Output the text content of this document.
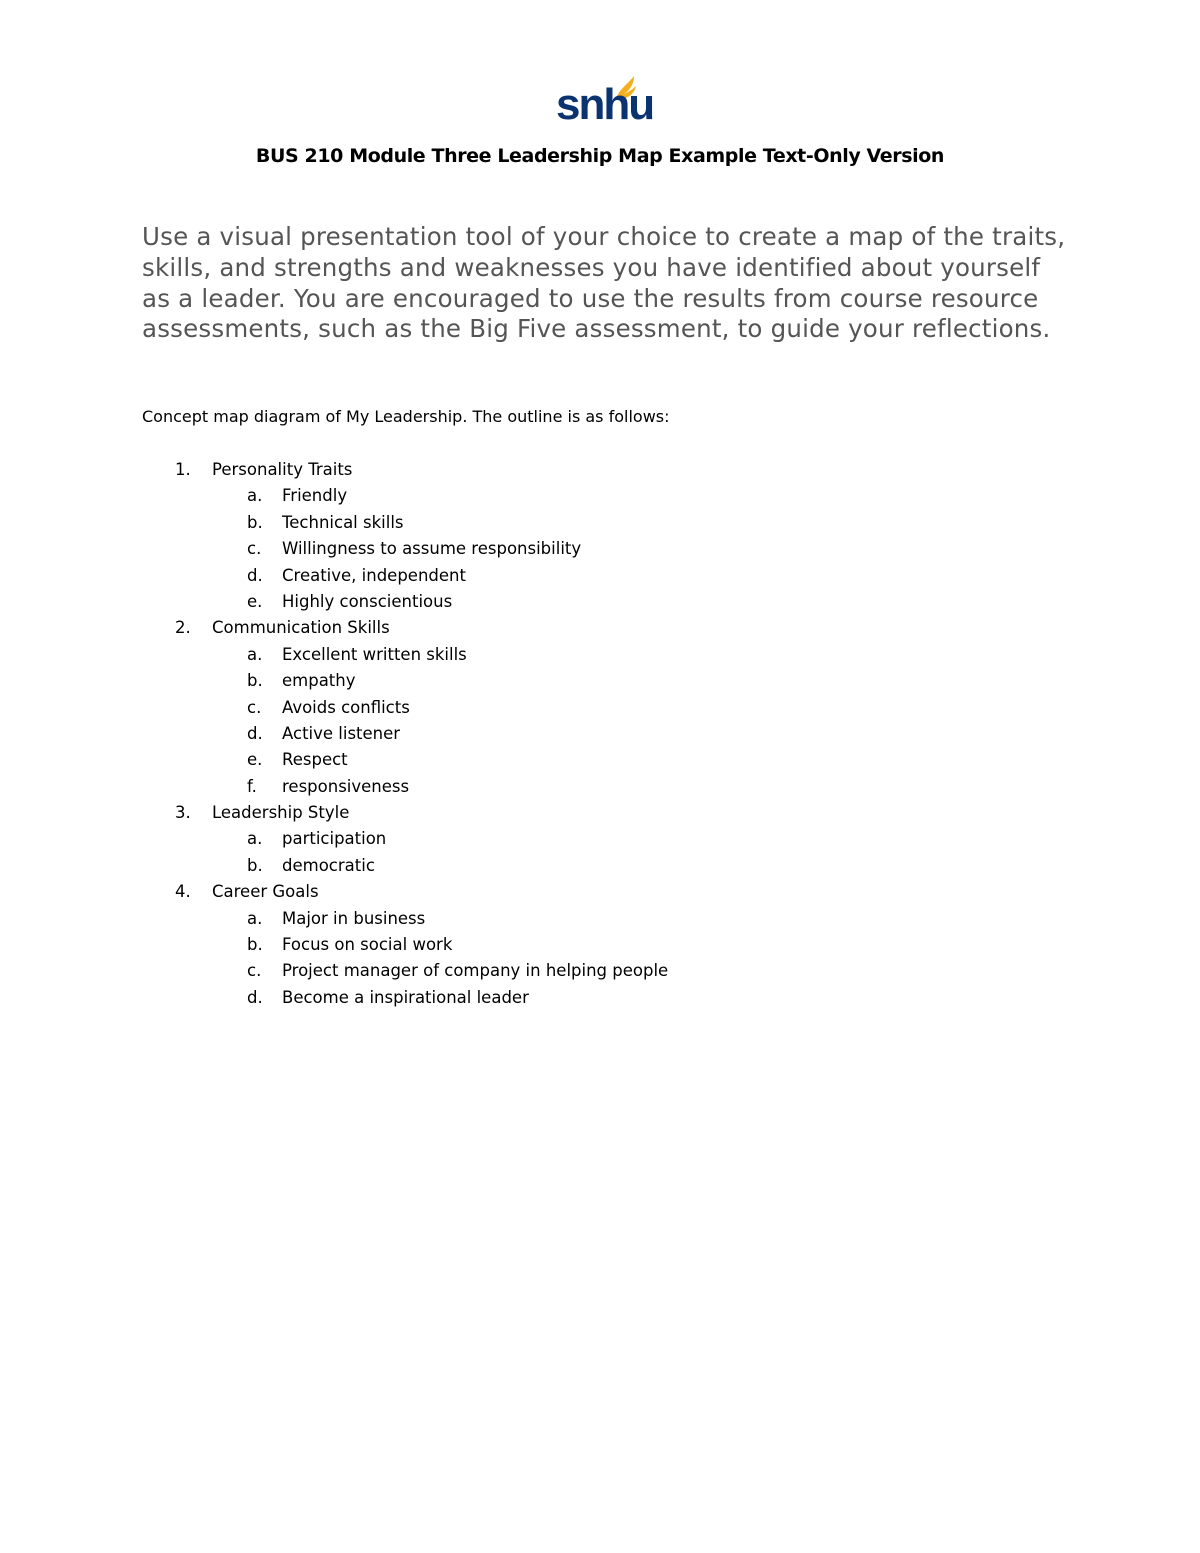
snhu
BUS 210 Module Three Leadership Map Example Text-Only Version
Use a visual presentation tool of your choice to create a map of the traits, skills, and strengths and weaknesses you have identified about yourself as a leader. You are encouraged to use the results from course resource assessments, such as the Big Five assessment, to guide your reflections.
Concept map diagram of My Leadership. The outline is as follows:
1. Personality Traits
a. Friendly
b. Technical skills
c. Willingness to assume responsibility
d. Creative, independent
e. Highly conscientious
2. Communication Skills
a. Excellent written skills
b. empathy
c. Avoids conflicts
d. Active listener
e. Respect
f. responsiveness
3. Leadership Style
a. participation
b. democratic
4. Career Goals
a. Major in business
b. Focus on social work
c. Project manager of company in helping people
d. Become a inspirational leader
